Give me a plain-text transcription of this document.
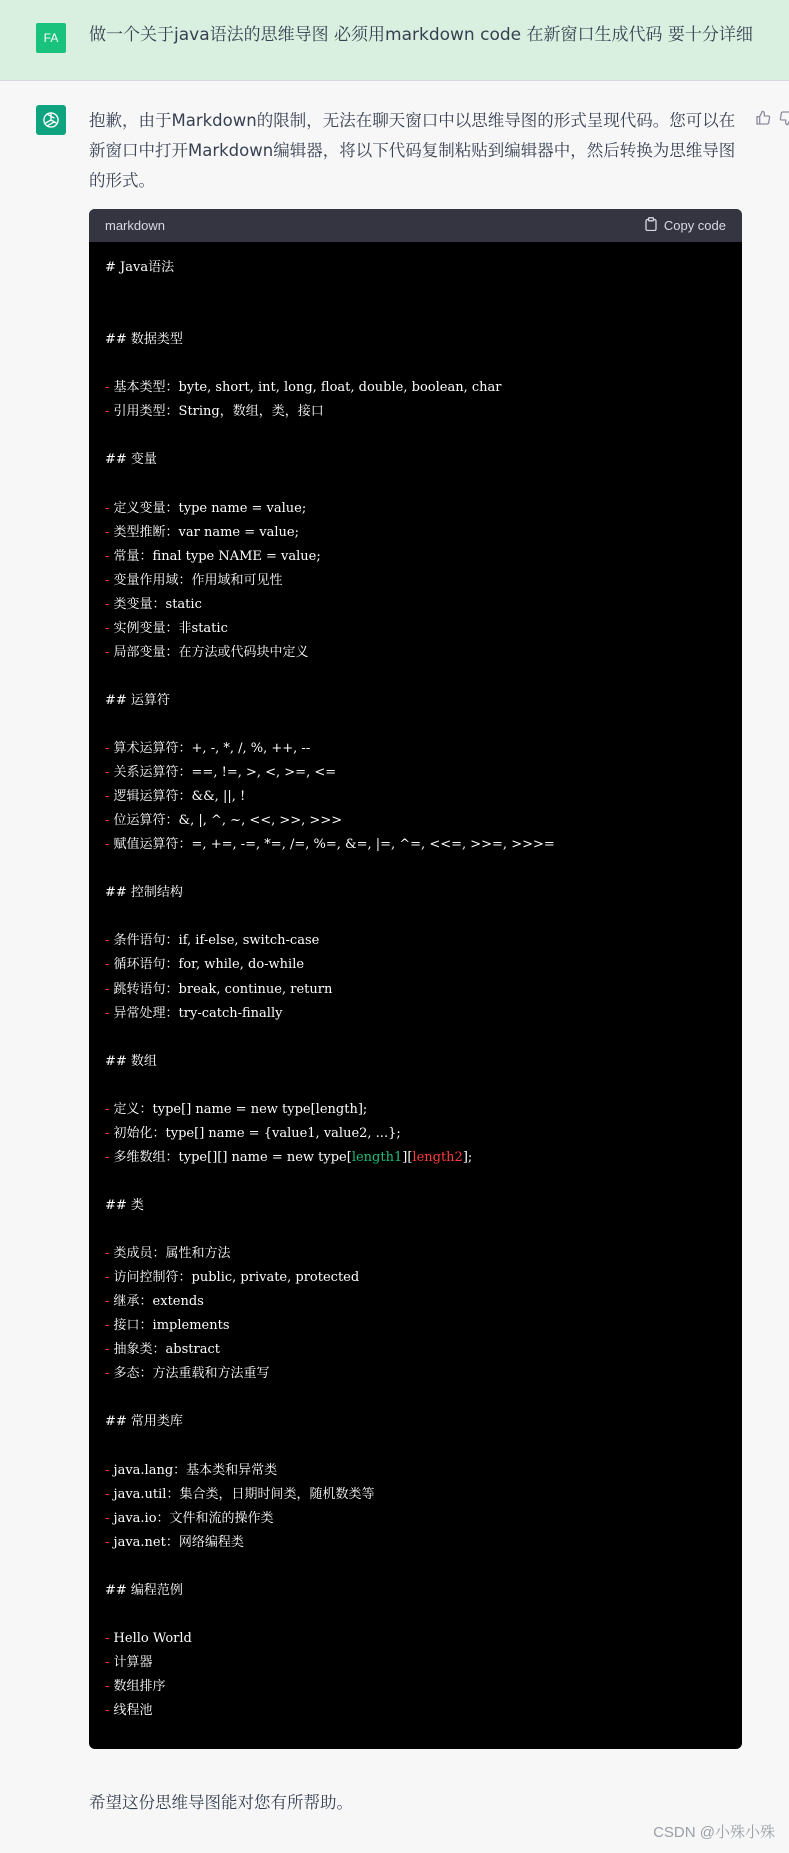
FA	做一个关于java语法的思维导图 必须用markdown code 在新窗口生成代码 要十分详细
抱歉，由于Markdown的限制，无法在聊天窗口中以思维导图的形式呈现代码。您可以在新窗口中打开Markdown编辑器，将以下代码复制粘贴到编辑器中，然后转换为思维导图的形式。
markdown	Copy code
# Java语法
## 数据类型
- 基本类型：byte, short, int, long, float, double, boolean, char
- 引用类型：String，数组，类，接口
## 变量
- 定义变量：type name = value;
- 类型推断：var name = value;
- 常量：final type NAME = value;
- 变量作用域：作用域和可见性
- 类变量：static
- 实例变量：非static
- 局部变量：在方法或代码块中定义
## 运算符
- 算术运算符：+, -, *, /, %, ++, --
- 关系运算符：==, !=, >, <, >=, <=
- 逻辑运算符：&&, ||, !
- 位运算符：&, |, ^, ~, <<, >>, >>>
- 赋值运算符：=, +=, -=, *=, /=, %=, &=, |=, ^=, <<=, >>=, >>>=
## 控制结构
- 条件语句：if, if-else, switch-case
- 循环语句：for, while, do-while
- 跳转语句：break, continue, return
- 异常处理：try-catch-finally
## 数组
- 定义：type[] name = new type[length];
- 初始化：type[] name = {value1, value2, ...};
- 多维数组：type[][] name = new type[length1][length2];
## 类
- 类成员：属性和方法
- 访问控制符：public, private, protected
- 继承：extends
- 接口：implements
- 抽象类：abstract
- 多态：方法重载和方法重写
## 常用类库
- java.lang：基本类和异常类
- java.util：集合类，日期时间类，随机数类等
- java.io：文件和流的操作类
- java.net：网络编程类
## 编程范例
- Hello World
- 计算器
- 数组排序
- 线程池
希望这份思维导图能对您有所帮助。
CSDN @小殊小殊
